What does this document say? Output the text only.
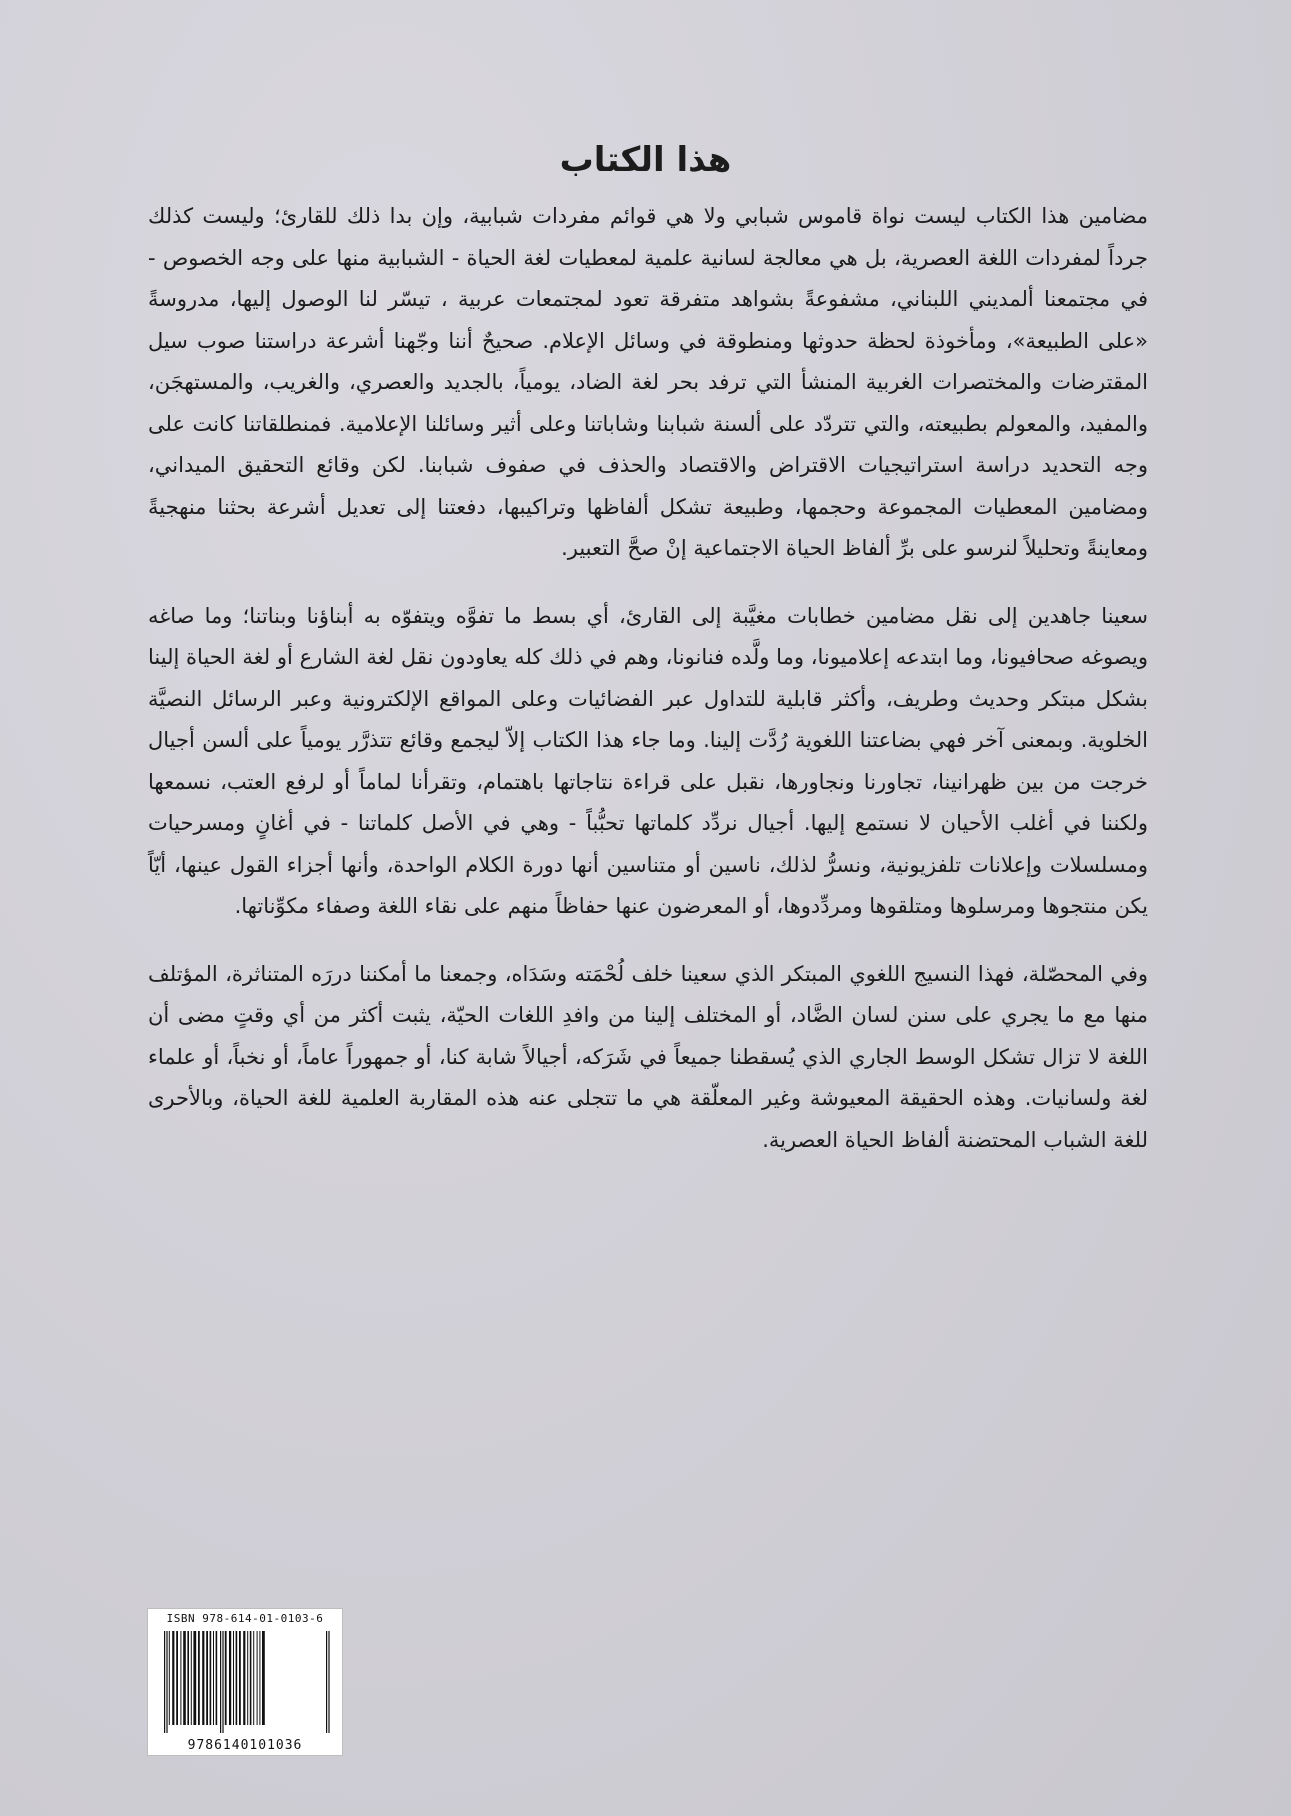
هذا الكتاب

مضامين هذا الكتاب ليست نواة قاموس شبابي ولا هي قوائم مفردات شبابية، وإن بدا ذلك للقارئ؛ وليست كذلك جرداً لمفردات اللغة العصرية، بل هي معالجة لسانية علمية لمعطيات لغة الحياة - الشبابية منها على وجه الخصوص - في مجتمعنا ألمديني اللبناني، مشفوعةً بشواهد متفرقة تعود لمجتمعات عربية ، تيسّر لنا الوصول إليها، مدروسةً «على الطبيعة»، ومأخوذة لحظة حدوثها ومنطوقة في وسائل الإعلام. صحيحٌ أننا وجّهنا أشرعة دراستنا صوب سيل المقترضات والمختصرات الغربية المنشأ التي ترفد بحر لغة الضاد، يومياً، بالجديد والعصري، والغريب، والمستهجَن، والمفيد، والمعولم بطبيعته، والتي تتردّد على ألسنة شبابنا وشاباتنا وعلى أثير وسائلنا الإعلامية. فمنطلقاتنا كانت على وجه التحديد دراسة استراتيجيات الاقتراض والاقتصاد والحذف في صفوف شبابنا. لكن وقائع التحقيق الميداني، ومضامين المعطيات المجموعة وحجمها، وطبيعة تشكل ألفاظها وتراكيبها، دفعتنا إلى تعديل أشرعة بحثنا منهجيةً ومعاينةً وتحليلاً لنرسو على برِّ ألفاظ الحياة الاجتماعية إنْ صحَّ التعبير.

سعينا جاهدين إلى نقل مضامين خطابات مغيَّبة إلى القارئ، أي بسط ما تفوَّه ويتفوّه به أبناؤنا وبناتنا؛ وما صاغه ويصوغه صحافيونا، وما ابتدعه إعلاميونا، وما ولَّده فنانونا، وهم في ذلك كله يعاودون نقل لغة الشارع أو لغة الحياة إلينا بشكل مبتكر وحديث وطريف، وأكثر قابلية للتداول عبر الفضائيات وعلى المواقع الإلكترونية وعبر الرسائل النصيَّة الخلوية. وبمعنى آخر فهي بضاعتنا اللغوية رُدَّت إلينا. وما جاء هذا الكتاب إلاّ ليجمع وقائع تتذرَّر يومياً على ألسن أجيال خرجت من بين ظهرانينا، تجاورنا ونجاورها، نقبل على قراءة نتاجاتها باهتمام، وتقرأنا لماماً أو لرفع العتب، نسمعها ولكننا في أغلب الأحيان لا نستمع إليها. أجيال نردِّد كلماتها تحبُّباً - وهي في الأصل كلماتنا - في أغانٍ ومسرحيات ومسلسلات وإعلانات تلفزيونية، ونسرُّ لذلك، ناسين أو متناسين أنها دورة الكلام الواحدة، وأنها أجزاء القول عينها، أيّاً يكن منتجوها ومرسلوها ومتلقوها ومردِّدوها، أو المعرضون عنها حفاظاً منهم على نقاء اللغة وصفاء مكوِّناتها.

وفي المحصّلة، فهذا النسيج اللغوي المبتكر الذي سعينا خلف لُحْمَته وسَدَاه، وجمعنا ما أمكننا دررَه المتناثرة، المؤتلف منها مع ما يجري على سنن لسان الضَّاد، أو المختلف إلينا من وافدِ اللغات الحيّة، يثبت أكثر من أي وقتٍ مضى أن اللغة لا تزال تشكل الوسط الجاري الذي يُسقطنا جميعاً في شَرَكه، أجيالاً شابة كنا، أو جمهوراً عاماً، أو نخباً، أو علماء لغة ولسانيات. وهذه الحقيقة المعيوشة وغير المعلّقة هي ما تتجلى عنه هذه المقاربة العلمية للغة الحياة، وبالأحرى للغة الشباب المحتضنة ألفاظ الحياة العصرية.

ISBN 978-614-01-0103-6
9786140101036
